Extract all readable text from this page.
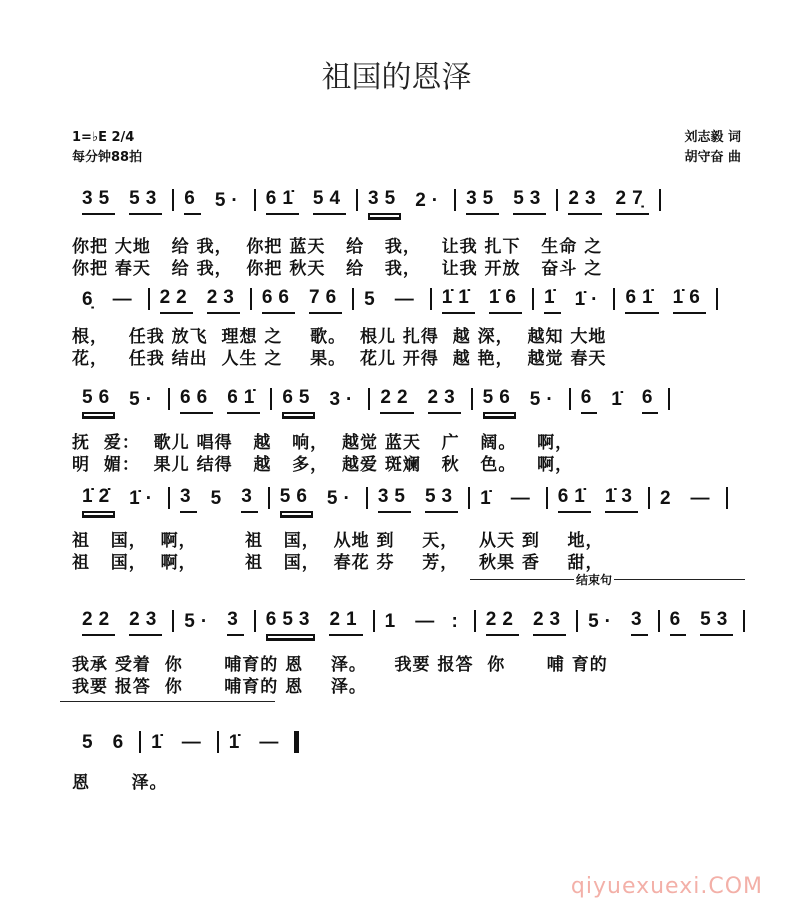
祖国的恩泽
1=♭E 2/4
每分钟88拍
刘志毅 词
胡守奋 曲
结束句
35 53 6 5· 61̇ 54 35 2· 35 53 23 27̣
你把 大地   给 我，  你把 蓝天   给   我，   让我 扎下   生命 之
你把 春天   给 我，  你把 秋天   给   我，   让我 开放   奋斗 之
6̣ — 22 23 66 76 5 — 1̇1̇ 1̇6 1̇ 1̇· 61̇ 1̇6
根，   任我 放飞  理想 之    歌。  根儿 扎得  越 深，  越知 大地
花，   任我 结出  人生 之    果。  花儿 开得  越 艳，  越觉 春天
56 5· 66 61̇ 65 3· 22 23 56 5· 6 1̇ 6
抚  爱：  歌儿 唱得   越   响，  越觉 蓝天   广   阔。   啊，
明  媚：  果儿 结得   越   多，  越爱 斑斓   秋   色。   啊，
1̇2̇ 1̇· 3 5 3 56 5· 35 53 1̇ — 61̇ 1̇3 2 —
祖   国，  啊，       祖   国，  从地 到    天，   从天 到    地，
祖   国，  啊，       祖   国，  春花 芬    芳，   秋果 香    甜，
22 23 5· 3 653 21 1 — : 22 23 5· 3 6 53
我承 受着  你      哺育的 恩    泽。    我要 报答  你      哺 育的
我要 报答  你      哺育的 恩    泽。
5 6 1̇ — 1̇ —
恩      泽。
qiyuexuexi.COM
